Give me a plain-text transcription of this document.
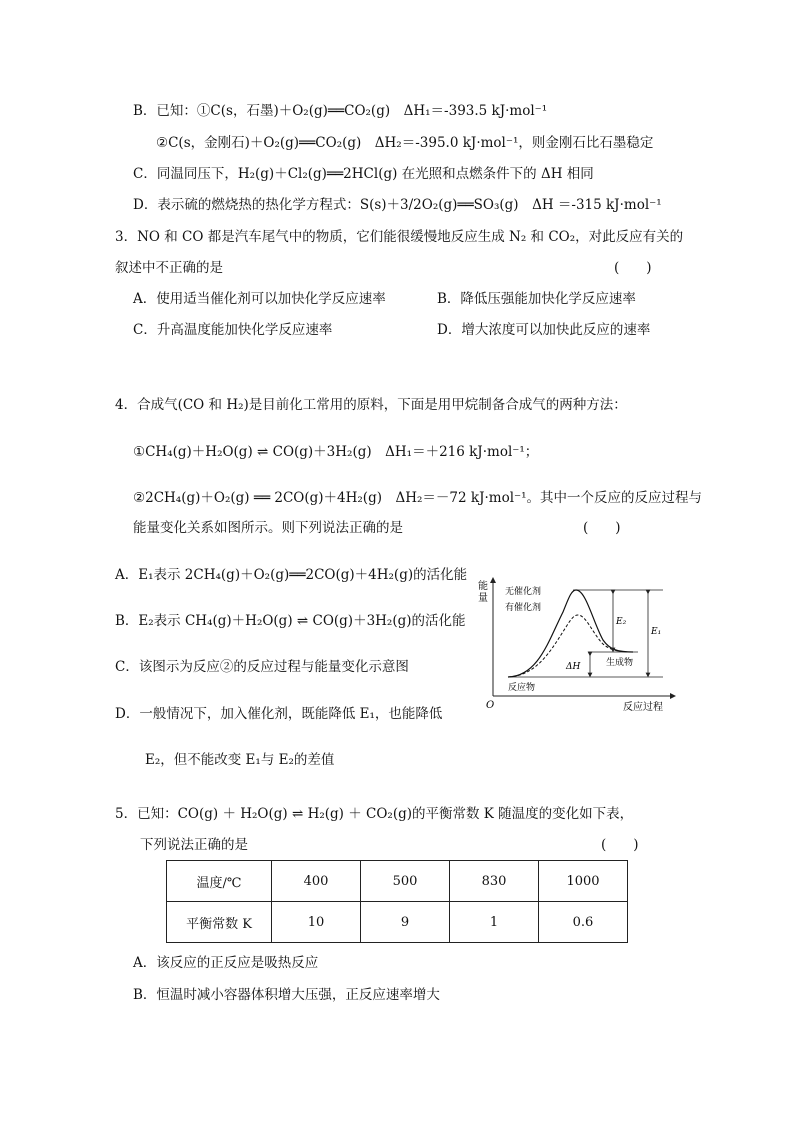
B．已知：①C(s，石墨)＋O₂(g)══CO₂(g)　ΔH₁＝-393.5 kJ·mol⁻¹
②C(s，金刚石)＋O₂(g)══CO₂(g)　ΔH₂＝-395.0 kJ·mol⁻¹，则金刚石比石墨稳定
C．同温同压下，H₂(g)＋Cl₂(g)══2HCl(g) 在光照和点燃条件下的 ΔH 相同
D．表示硫的燃烧热的热化学方程式：S(s)＋3/2O₂(g)══SO₃(g)　ΔH ＝-315 kJ·mol⁻¹
3．NO 和 CO 都是汽车尾气中的物质，它们能很缓慢地反应生成 N₂ 和 CO₂，对此反应有关的
叙述中不正确的是	(　　)
A．使用适当催化剂可以加快化学反应速率	B．降低压强能加快化学反应速率
C．升高温度能加快化学反应速率	D．增大浓度可以加快此反应的速率
4．合成气(CO 和 H₂)是目前化工常用的原料，下面是用甲烷制备合成气的两种方法：
①CH₄(g)＋H₂O(g) ⇌ CO(g)＋3H₂(g)　ΔH₁＝＋216 kJ·mol⁻¹；
②2CH₄(g)＋O₂(g) ══ 2CO(g)＋4H₂(g)　ΔH₂＝－72 kJ·mol⁻¹。其中一个反应的反应过程与
能量变化关系如图所示。则下列说法正确的是	(　　)
A．E₁表示 2CH₄(g)＋O₂(g)══2CO(g)＋4H₂(g)的活化能
B．E₂表示 CH₄(g)＋H₂O(g) ⇌ CO(g)＋3H₂(g)的活化能
C．该图示为反应②的反应过程与能量变化示意图
D．一般情况下，加入催化剂，既能降低 E₁，也能降低
E₂，但不能改变 E₁与 E₂的差值
能
量
O	反应过程
E₂
E₁
ΔH
无催化剂
有催化剂
生成物
反应物
5．已知：CO(g) ＋ H₂O(g) ⇌ H₂(g) ＋ CO₂(g)的平衡常数 K 随温度的变化如下表，
下列说法正确的是	(　　)
温度/℃	400	500	830	1000
平衡常数 K	10	9	1	0.6
A．该反应的正反应是吸热反应
B．恒温时减小容器体积增大压强，正反应速率增大
